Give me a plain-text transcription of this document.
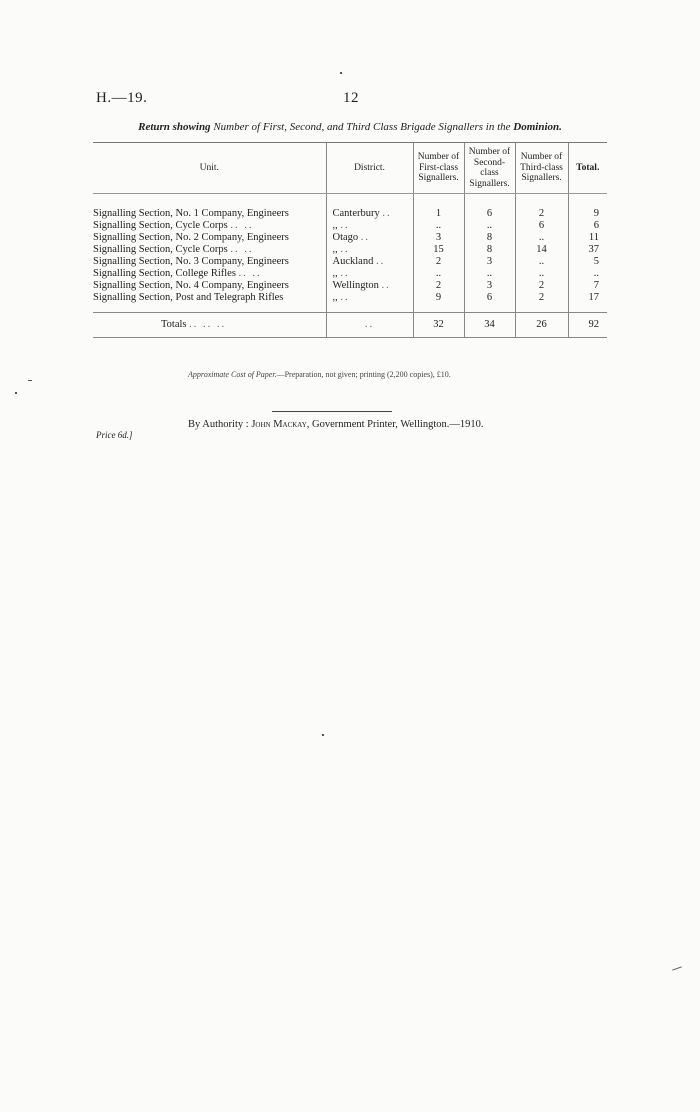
H.—19.	12
Return showing Number of First, Second, and Third Class Brigade Signallers in the Dominion.
Unit.	District.	Number of First-class Signallers.	Number of Second-class Signallers.	Number of Third-class Signallers.	Total.

Signalling Section, No. 1 Company, Engineers	Canterbury ..	1	6	2	9
Signalling Section, Cycle Corps .. ..	,, ..	..	..	6	6
Signalling Section, No. 2 Company, Engineers	Otago ..	3	8	..	11
Signalling Section, Cycle Corps .. ..	,, ..	15	8	14	37
Signalling Section, No. 3 Company, Engineers	Auckland ..	2	3	..	5
Signalling Section, College Rifles .. ..	,, ..	..	..	..	..
Signalling Section, No. 4 Company, Engineers	Wellington ..	2	3	2	7
Signalling Section, Post and Telegraph Rifles	,, ..	9	6	2	17

Totals .. .. ..	..	32	34	26	92
Approximate Cost of Paper.—Preparation, not given; printing (2,200 copies), £10.
By Authority : John Mackay, Government Printer, Wellington.—1910.
Price 6d.]
